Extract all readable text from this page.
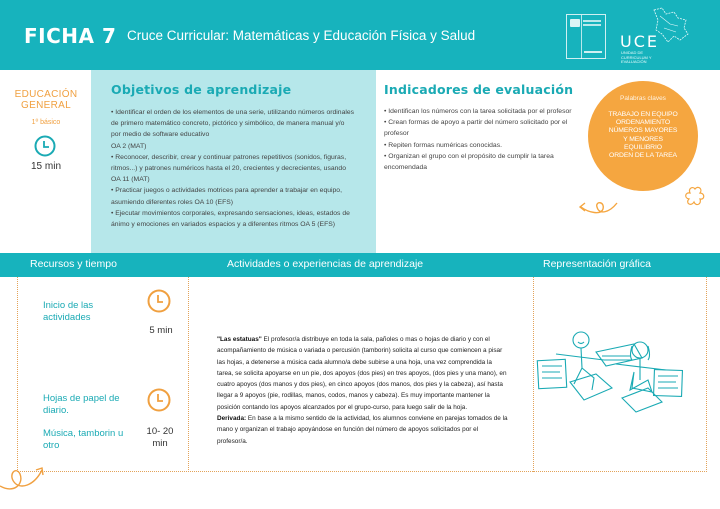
FICHA 7 Cruce Curricular: Matemáticas y Educación Física y Salud	UCE
UNIDAD DE CURRICULUM Y EVALUACIÓN
EDUCACIÓN
GENERAL
1º básico
15 min
Objetivos de aprendizaje
• Identificar el orden de los elementos de una serie, utilizando números ordinales de primero matemático concreto, pictórico y simbólico, de manera manual y/o por medio de software educativo
OA 2 (MAT)
• Reconocer, describir, crear y continuar patrones repetitivos (sonidos, figuras, ritmos...) y patrones numéricos hasta el 20, crecientes y decrecientes, usando OA 11 (MAT)
• Practicar juegos o actividades motrices para aprender a trabajar en equipo, asumiendo diferentes roles OA 10 (EFS)
• Ejecutar movimientos corporales, expresando sensaciones, ideas, estados de ánimo y emociones en variados espacios y a diferentes ritmos OA 5 (EFS)
Indicadores de evaluación
• Identifican los números con la tarea solicitada por el profesor
• Crean formas de apoyo a partir del número solicitado por el profesor
• Repiten formas numéricas conocidas.
• Organizan el grupo con el propósito de cumplir la tarea encomendada
Palabras claves
TRABAJO EN EQUIPO
ORDENAMIENTO
NÚMEROS MAYORES
Y MENORES
EQUILIBRIO
ORDEN DE LA TAREA
Recursos y tiempo	Actividades o experiencias de aprendizaje	Representación gráfica
Inicio de las actividades
5 min
Hojas de papel de diario.
Música, tamborin u otro
10- 20
min
"Las estatuas" El profesor/a distribuye en toda la sala, pañoles o mas o hojas de diario y con el acompañamiento de música o variada o percusión (tamborin) solicita al curso que comiencen a pisar las hojas, a detenerse a música cada alumno/a debe subirse a una hoja, una vez comprendida la tarea, se solicita apoyarse en un pie, dos apoyos (dos pies) en tres apoyos, (dos pies y una mano), en cuatro apoyos (dos manos y dos pies), en cinco apoyos (dos manos, dos pies y la cabeza), así hasta llegar a 9 apoyos (pie, rodillas, manos, codos, manos y cabeza). Es muy importante mantener la posición contando los apoyos alcanzados por el grupo-curso, para luego salir de la hoja.
Derivada: En base a la mismo sentido de la actividad, los alumnos conviene en parejas tomados de la mano y organizan el trabajo apoyándose en función del número de apoyos solicitados por el profesor/a.
